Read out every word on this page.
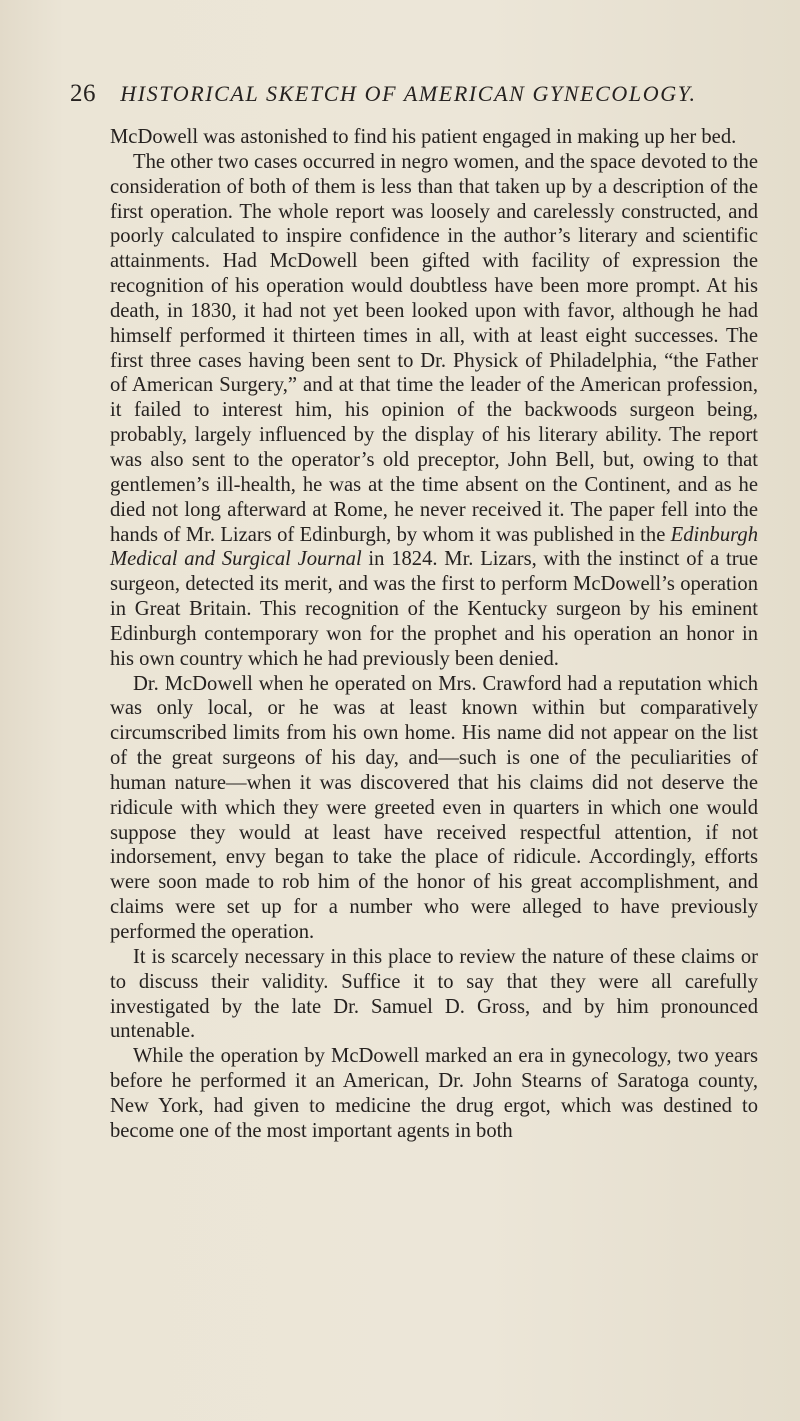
26 HISTORICAL SKETCH OF AMERICAN GYNECOLOGY.

McDowell was astonished to find his patient engaged in making up her bed.

The other two cases occurred in negro women, and the space devoted to the consideration of both of them is less than that taken up by a description of the first operation. The whole report was loosely and carelessly constructed, and poorly calculated to inspire confidence in the author’s literary and scientific attainments. Had McDowell been gifted with facility of expression the recognition of his operation would doubtless have been more prompt. At his death, in 1830, it had not yet been looked upon with favor, although he had himself performed it thirteen times in all, with at least eight successes. The first three cases having been sent to Dr. Physick of Philadelphia, “the Father of American Surgery,” and at that time the leader of the American profession, it failed to interest him, his opinion of the backwoods surgeon being, probably, largely influenced by the display of his literary ability. The report was also sent to the operator’s old preceptor, John Bell, but, owing to that gentlemen’s ill-health, he was at the time absent on the Continent, and as he died not long afterward at Rome, he never received it. The paper fell into the hands of Mr. Lizars of Edinburgh, by whom it was published in the Edinburgh Medical and Surgical Journal in 1824. Mr. Lizars, with the instinct of a true surgeon, detected its merit, and was the first to perform McDowell’s operation in Great Britain. This recognition of the Kentucky surgeon by his eminent Edinburgh contemporary won for the prophet and his operation an honor in his own country which he had previously been denied.

Dr. McDowell when he operated on Mrs. Crawford had a reputation which was only local, or he was at least known within but comparatively circumscribed limits from his own home. His name did not appear on the list of the great surgeons of his day, and—such is one of the peculiarities of human nature—when it was discovered that his claims did not deserve the ridicule with which they were greeted even in quarters in which one would suppose they would at least have received respectful attention, if not indorsement, envy began to take the place of ridicule. Accordingly, efforts were soon made to rob him of the honor of his great accomplishment, and claims were set up for a number who were alleged to have previously performed the operation.

It is scarcely necessary in this place to review the nature of these claims or to discuss their validity. Suffice it to say that they were all carefully investigated by the late Dr. Samuel D. Gross, and by him pronounced untenable.

While the operation by McDowell marked an era in gynecology, two years before he performed it an American, Dr. John Stearns of Saratoga county, New York, had given to medicine the drug ergot, which was destined to become one of the most important agents in both
